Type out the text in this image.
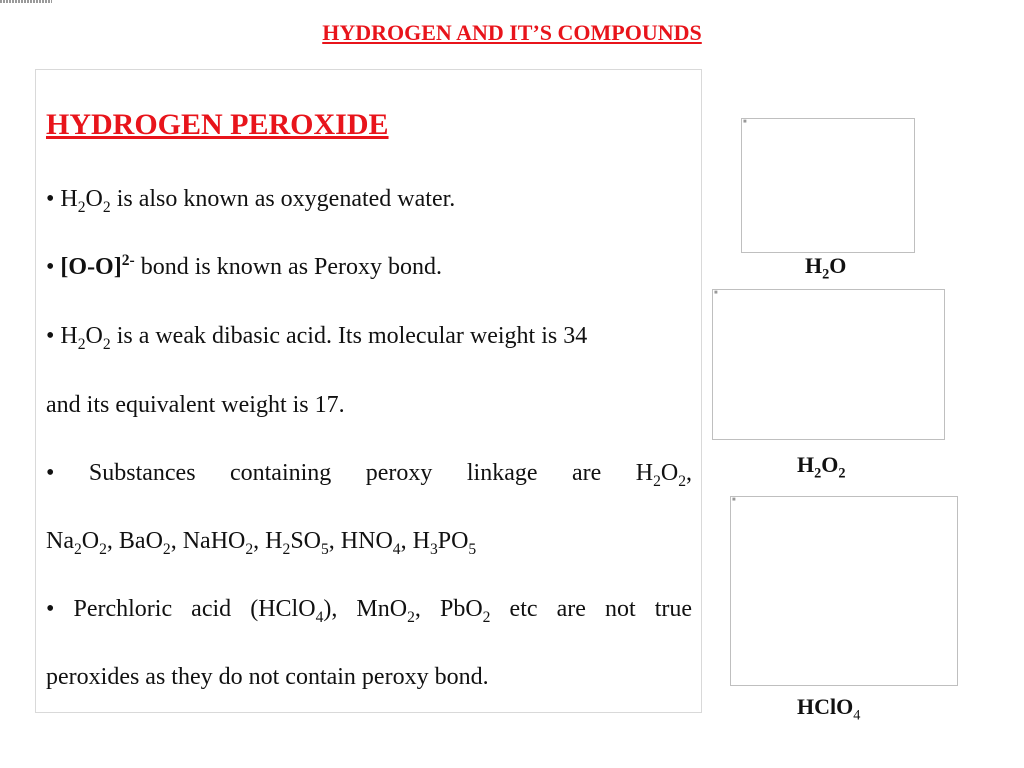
HYDROGEN AND IT’S COMPOUNDS
HYDROGEN PEROXIDE
• $H_2O_2$ is also known as oxygenated water.
• $[O-O]^{2-}$ bond is known as Peroxy bond.
• $H_2O_2$ is a weak dibasic acid. Its molecular weight is 34
and its equivalent weight is 17.
• Substances containing peroxy linkage are $H_2O_2$,
$Na_2O_2$, BaO$_2$, NaHO$_2$, $H_2SO_5$, $HNO_4$, $H_3PO_5$
• Perchloric acid (HClO$_4$), MnO$_2$, PbO$_2$ etc are not true
peroxides as they do not contain peroxy bond.
■
$H_2O$
■
$H_2O_2$
■
HClO$_4$
